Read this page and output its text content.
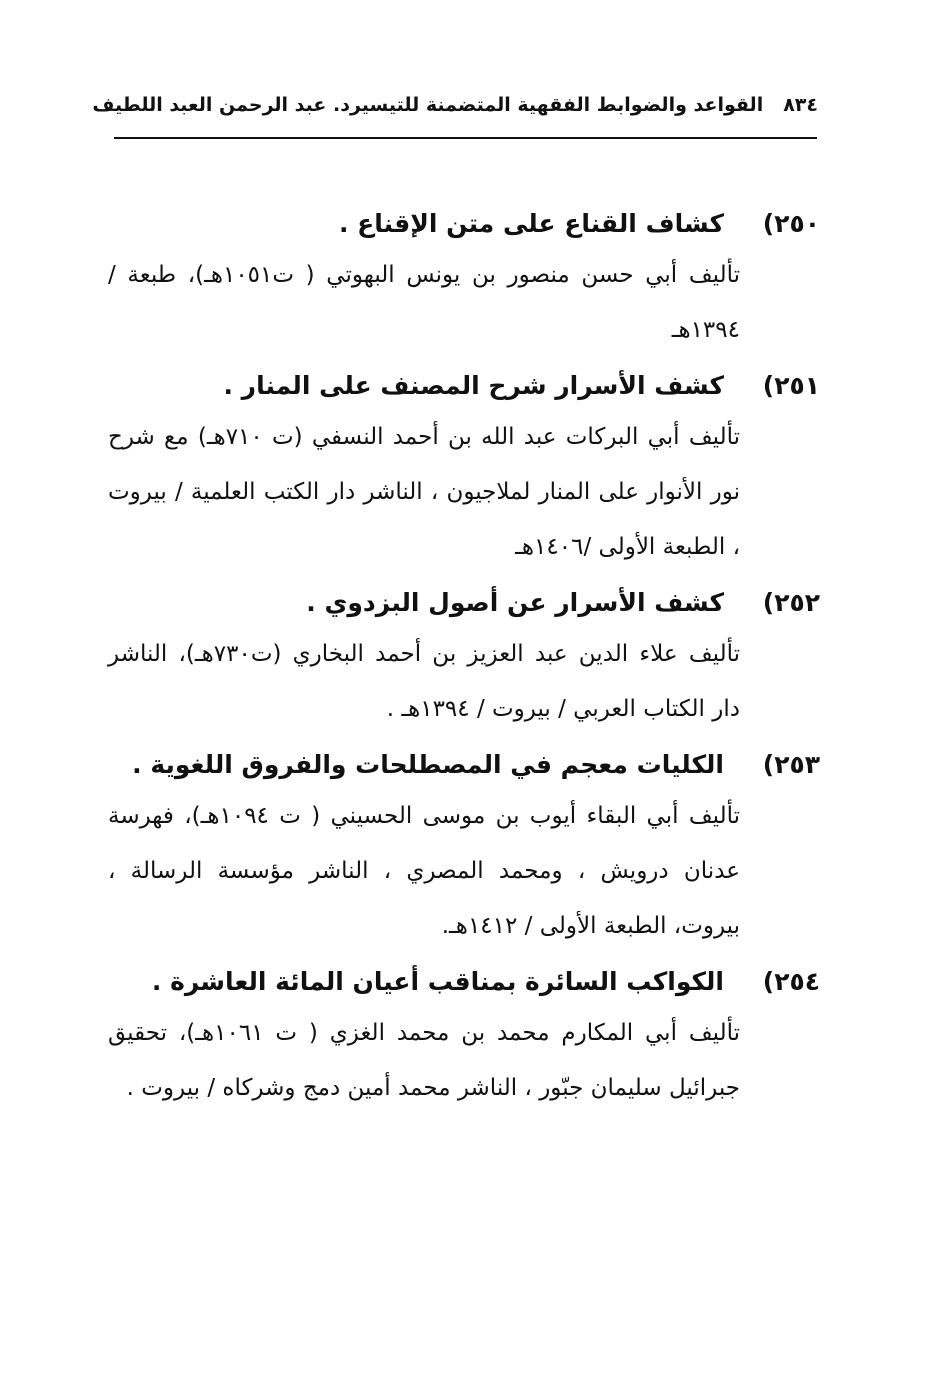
٨٣٤
القواعد والضوابط الفقهية المتضمنة للتيسير
د. عبد الرحمن العبد اللطيف
٢٥٠)
كشاف القناع على متن الإقناع .
تأليف أبي حسن منصور بن يونس البهوتي ( ت١٠٥١هـ)، طبعة / ١٣٩٤هـ
٢٥١)
كشف الأسرار شرح المصنف على المنار .
تأليف أبي البركات عبد الله بن أحمد النسفي (ت ٧١٠هـ) مع شرح نور الأنوار على المنار لملاجيون ، الناشر دار الكتب العلمية / بيروت ، الطبعة الأولى /١٤٠٦هـ
٢٥٢)
كشف الأسرار عن أصول البزدوي .
تأليف علاء الدين عبد العزيز بن أحمد البخاري (ت٧٣٠هـ)، الناشر دار الكتاب العربي / بيروت / ١٣٩٤هـ .
٢٥٣)
الكليات معجم في المصطلحات والفروق اللغوية .
تأليف أبي البقاء أيوب بن موسى الحسيني ( ت ١٠٩٤هـ)، فهرسة عدنان درويش ، ومحمد المصري ، الناشر مؤسسة الرسالة ، بيروت، الطبعة الأولى / ١٤١٢هـ.
٢٥٤)
الكواكب السائرة بمناقب أعيان المائة العاشرة .
تأليف أبي المكارم محمد بن محمد الغزي ( ت ١٠٦١هـ)، تحقيق جبرائيل سليمان جبّور ، الناشر محمد أمين دمج وشركاه / بيروت .
